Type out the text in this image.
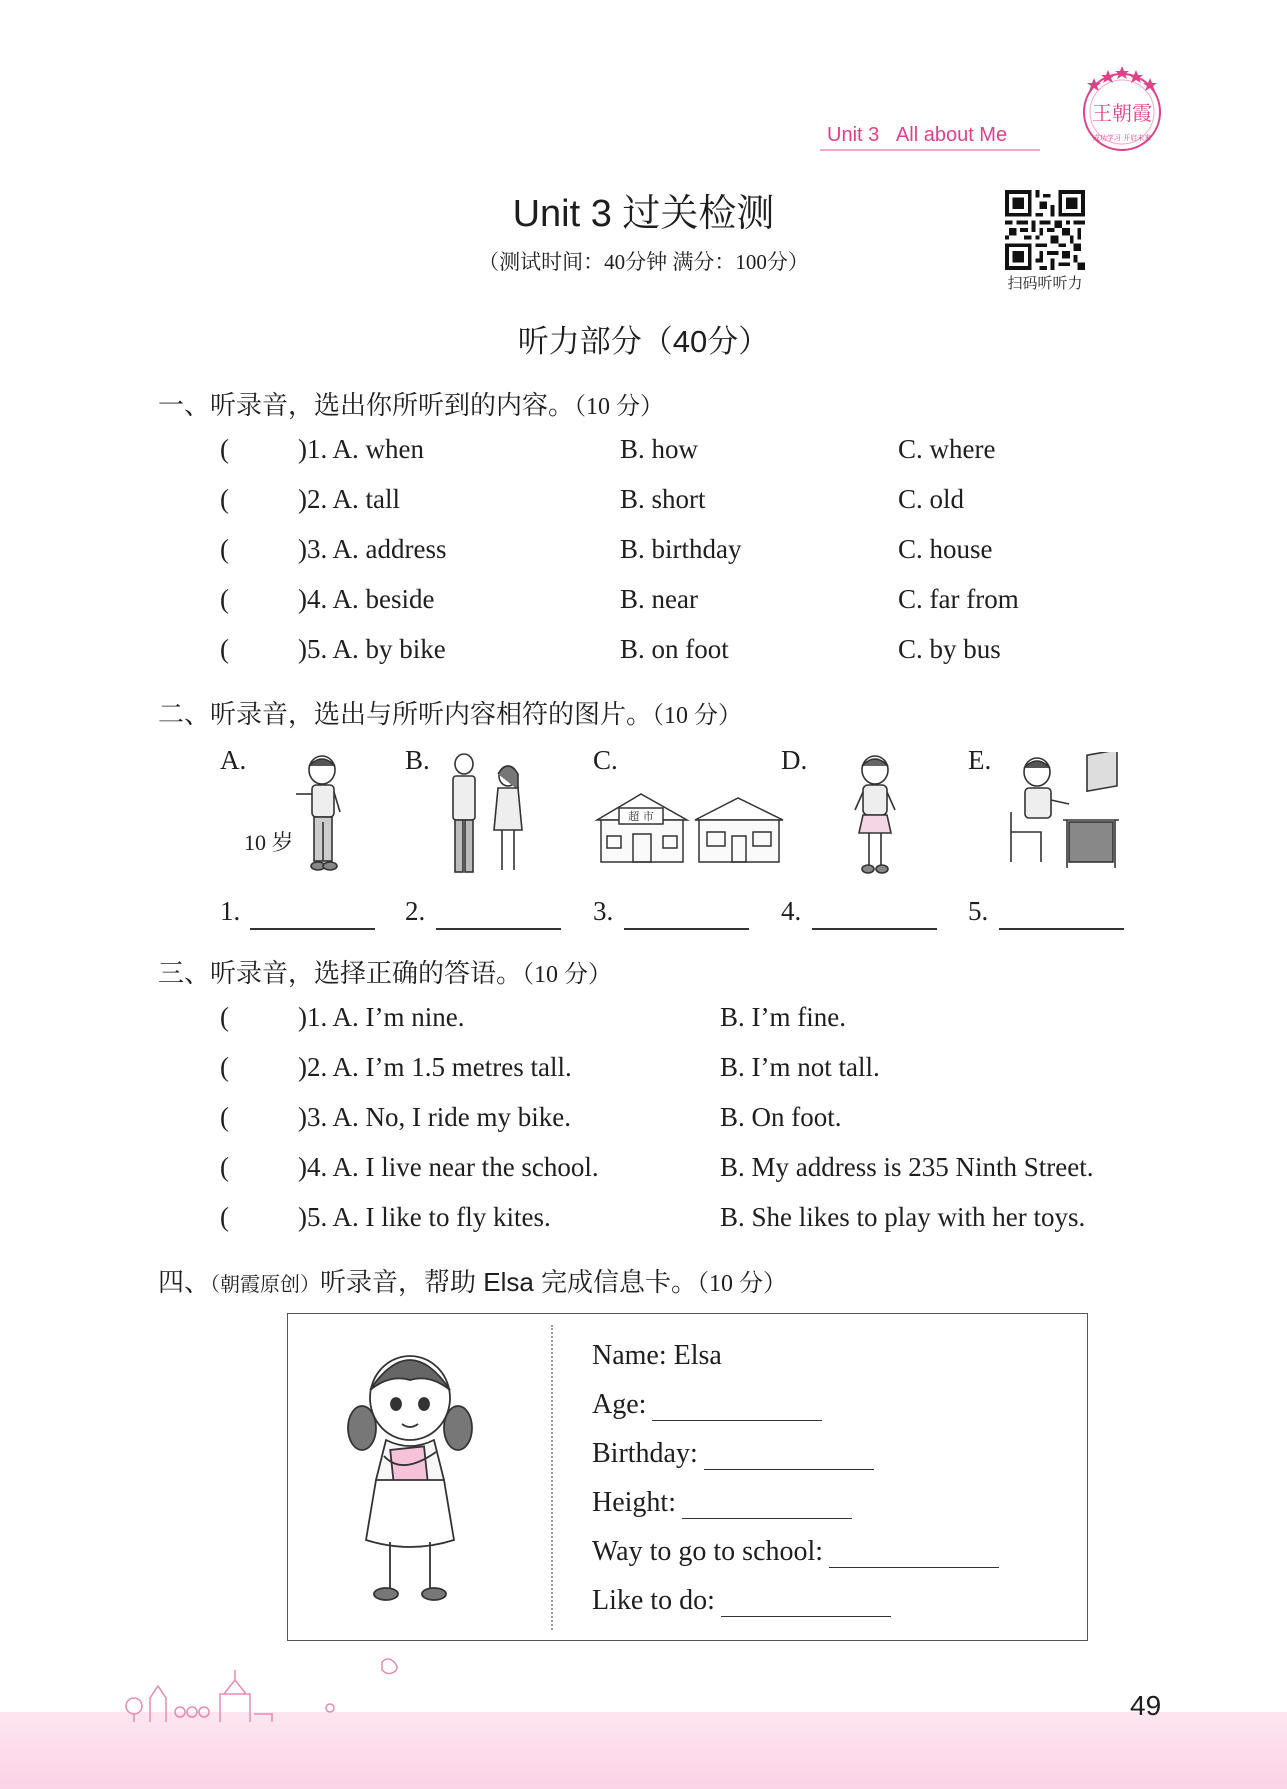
Unit 3 All about Me
王朝霞
成功学习 开启未来
Unit 3 过关检测
（测试时间：40分钟 满分：100分）
扫码听听力
听力部分（40分）
一、听录音，选出你所听到的内容。（10 分）
(	)1. A. when	B. how	C. where
(	)2. A. tall	B. short	C. old
(	)3. A. address	B. birthday	C. house
(	)4. A. beside	B. near	C. far from
(	)5. A. by bike	B. on foot	C. by bus
二、听录音，选出与所听内容相符的图片。（10 分）
A.	B.	C.	D.	E.
10 岁
超 市
1.	2.	3.	4.	5.
三、听录音，选择正确的答语。（10 分）
(	)1. A. I’m nine.	B. I’m fine.
(	)2. A. I’m 1.5 metres tall.	B. I’m not tall.
(	)3. A. No, I ride my bike.	B. On foot.
(	)4. A. I live near the school.	B. My address is 235 Ninth Street.
(	)5. A. I like to fly kites.	B. She likes to play with her toys.
四、（朝霞原创）听录音，帮助 Elsa 完成信息卡。（10 分）
Name: Elsa
Age:
Birthday:
Height:
Way to go to school:
Like to do:
49
